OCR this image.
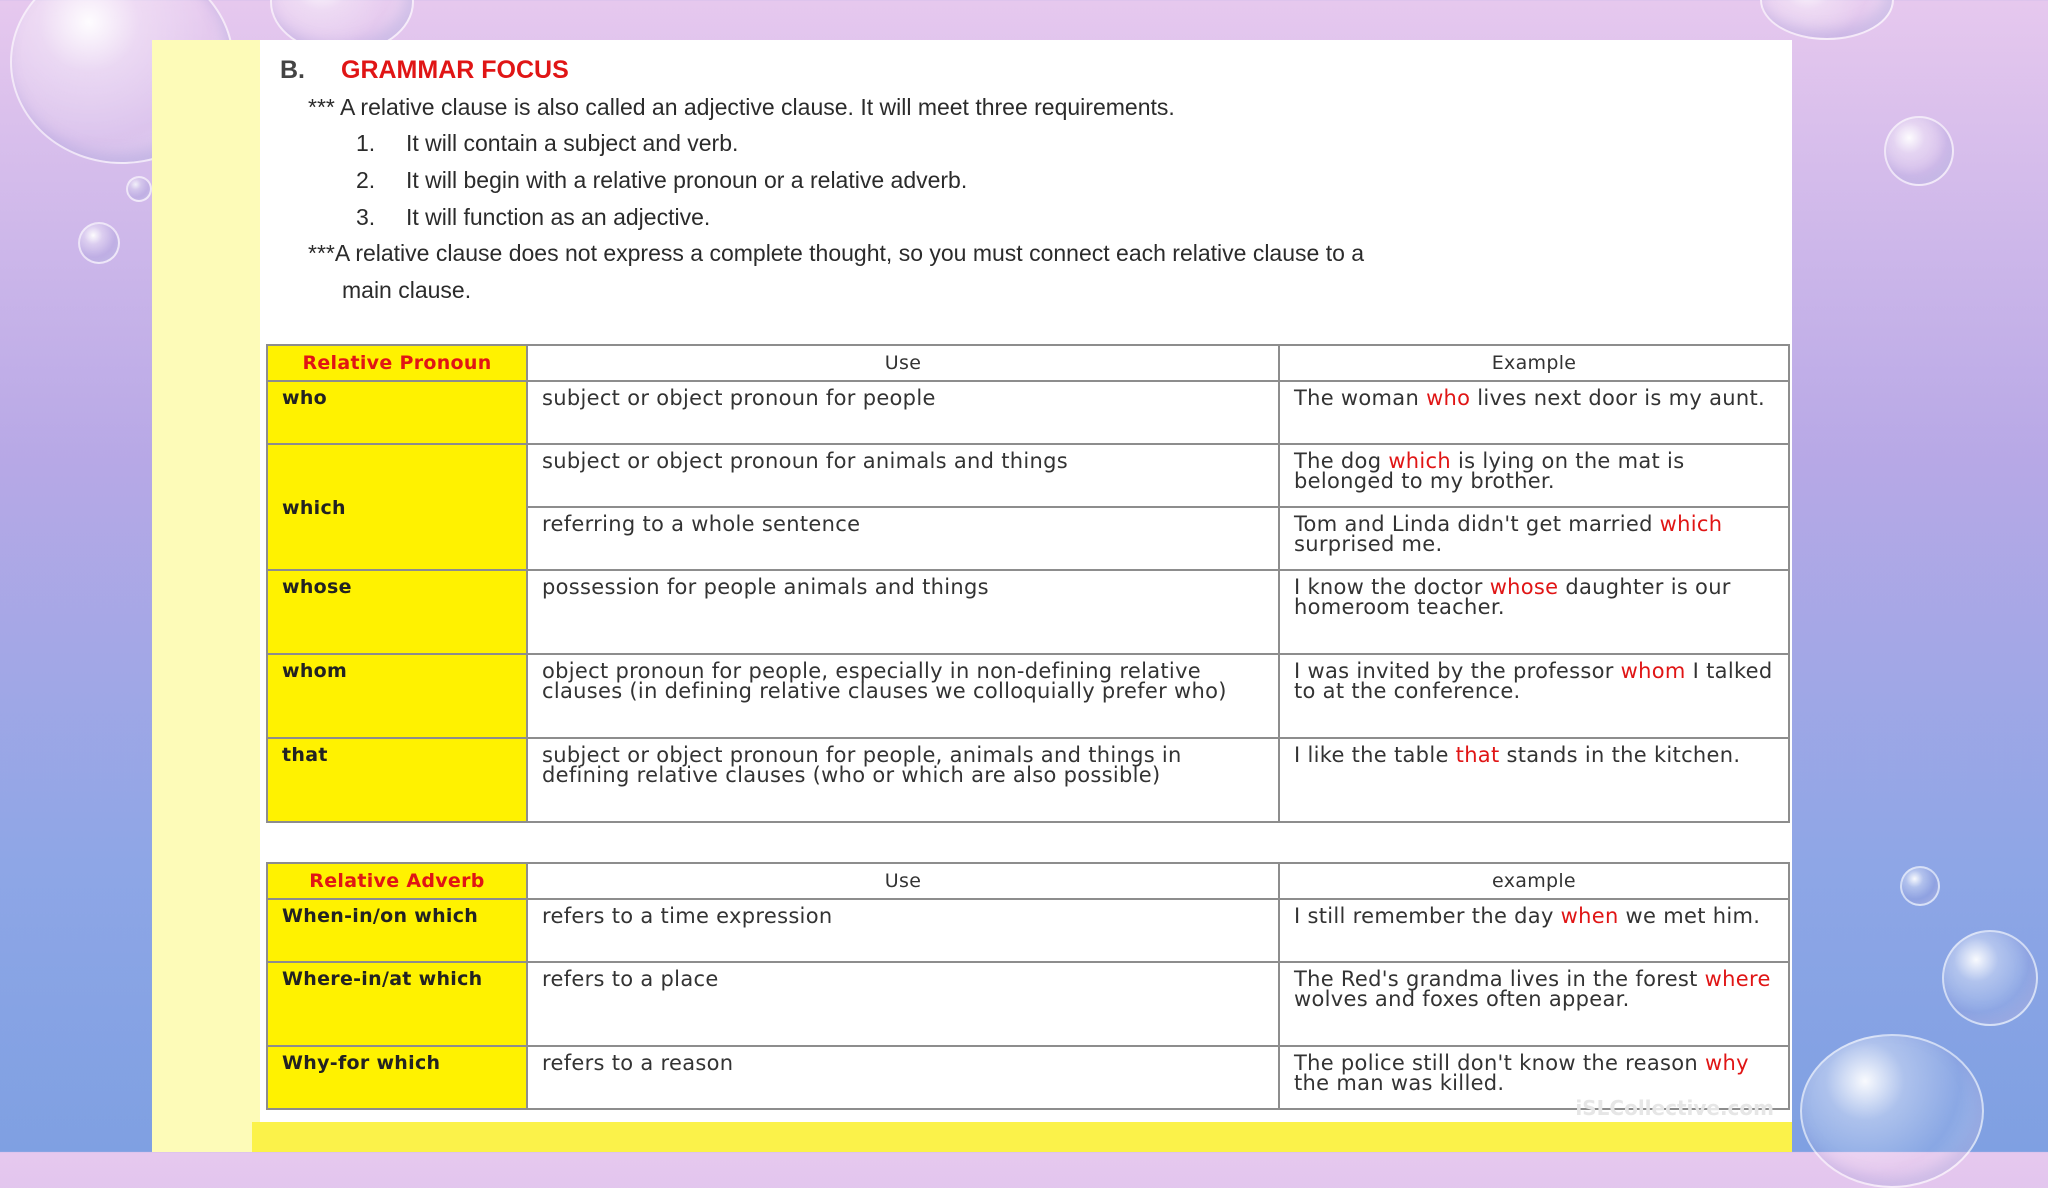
B. GRAMMAR FOCUS
*** A relative clause is also called an adjective clause. It will meet three requirements.
1. It will contain a subject and verb.
2. It will begin with a relative pronoun or a relative adverb.
3. It will function as an adjective.
***A relative clause does not express a complete thought, so you must connect each relative clause to a
main clause.
Relative Pronoun	Use	Example
who	subject or object pronoun for people	The woman who lives next door is my aunt.
which	subject or object pronoun for animals and things	The dog which is lying on the mat is belonged to my brother.
	referring to a whole sentence	Tom and Linda didn't get married which surprised me.
whose	possession for people animals and things	I know the doctor whose daughter is our homeroom teacher.
whom	object pronoun for people, especially in non-defining relative clauses (in defining relative clauses we colloquially prefer who)	I was invited by the professor whom I talked to at the conference.
that	subject or object pronoun for people, animals and things in defining relative clauses (who or which are also possible)	I like the table that stands in the kitchen.
Relative Adverb	Use	example
When-in/on which	refers to a time expression	I still remember the day when we met him.
Where-in/at which	refers to a place	The Red's grandma lives in the forest where wolves and foxes often appear.
Why-for which	refers to a reason	The police still don't know the reason why the man was killed.
iSLCollective.com
